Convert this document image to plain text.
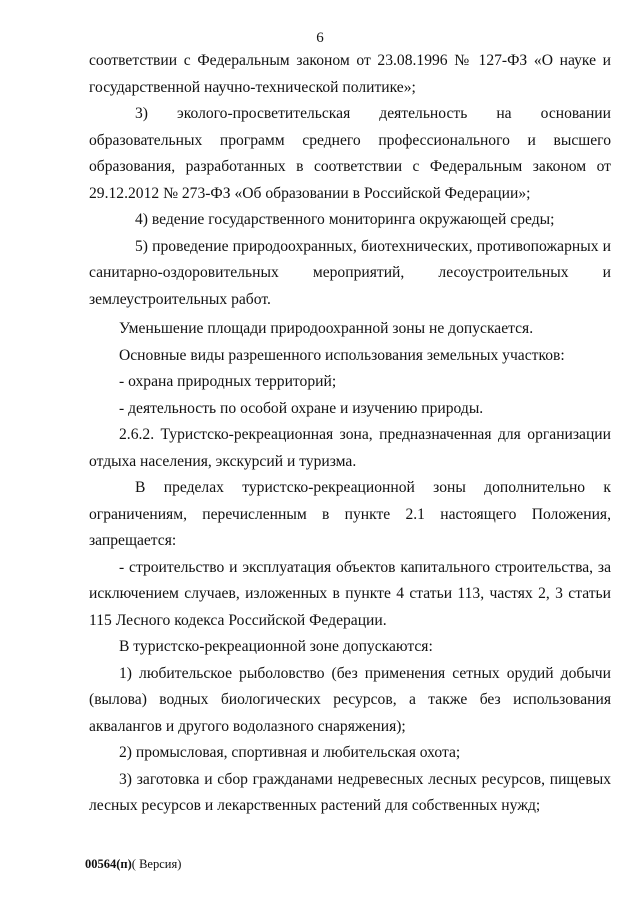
6

соответствии с Федеральным законом от 23.08.1996 № 127-ФЗ «О науке и государственной научно-технической политике»;

3) эколого-просветительская деятельность на основании образовательных программ среднего профессионального и высшего образования, разработанных в соответствии с Федеральным законом от 29.12.2012 № 273-ФЗ «Об образовании в Российской Федерации»;

4) ведение государственного мониторинга окружающей среды;

5) проведение природоохранных, биотехнических, противопожарных и санитарно-оздоровительных мероприятий, лесоустроительных и землеустроительных работ.

Уменьшение площади природоохранной зоны не допускается.

Основные виды разрешенного использования земельных участков:

- охрана природных территорий;

- деятельность по особой охране и изучению природы.

2.6.2. Туристско-рекреационная зона, предназначенная для организации отдыха населения, экскурсий и туризма.

В пределах туристско-рекреационной зоны дополнительно к ограничениям, перечисленным в пункте 2.1 настоящего Положения, запрещается:

- строительство и эксплуатация объектов капитального строительства, за исключением случаев, изложенных в пункте 4 статьи 113, частях 2, 3 статьи 115 Лесного кодекса Российской Федерации.

В туристско-рекреационной зоне допускаются:

1) любительское рыболовство (без применения сетных орудий добычи (вылова) водных биологических ресурсов, а также без использования аквалангов и другого водолазного снаряжения);

2) промысловая, спортивная и любительская охота;

3) заготовка и сбор гражданами недревесных лесных ресурсов, пищевых лесных ресурсов и лекарственных растений для собственных нужд;

00564(п)( Версия)
